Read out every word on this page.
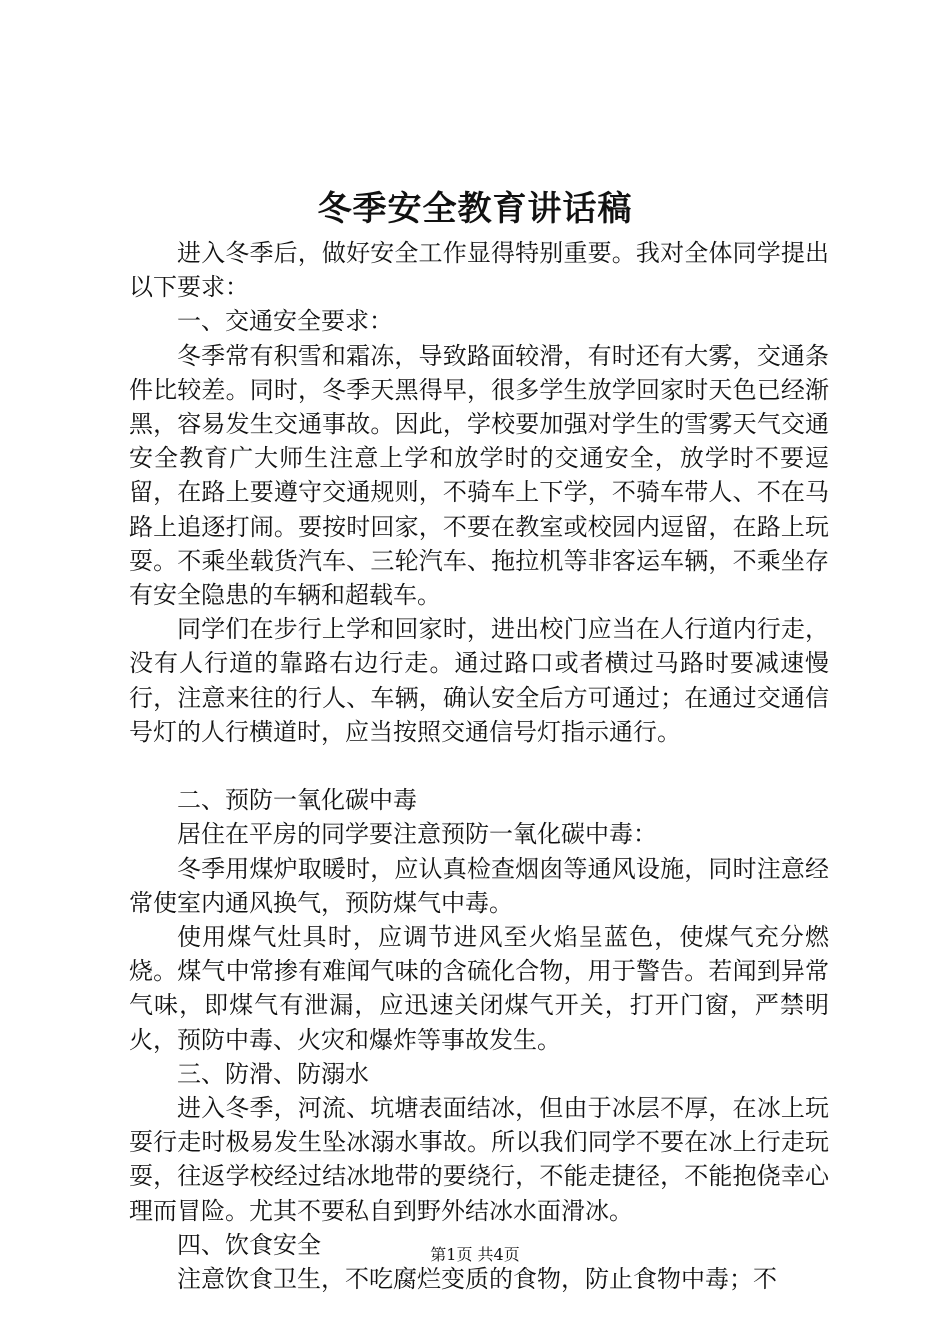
冬季安全教育讲话稿

进入冬季后，做好安全工作显得特别重要。我对全体同学提出以下要求：

一、交通安全要求：

冬季常有积雪和霜冻，导致路面较滑，有时还有大雾，交通条件比较差。同时，冬季天黑得早，很多学生放学回家时天色已经渐黑，容易发生交通事故。因此，学校要加强对学生的雪雾天气交通安全教育广大师生注意上学和放学时的交通安全，放学时不要逗留，在路上要遵守交通规则，不骑车上下学，不骑车带人、不在马路上追逐打闹。要按时回家，不要在教室或校园内逗留，在路上玩耍。不乘坐载货汽车、三轮汽车、拖拉机等非客运车辆，不乘坐存有安全隐患的车辆和超载车。

同学们在步行上学和回家时，进出校门应当在人行道内行走，没有人行道的靠路右边行走。通过路口或者横过马路时要减速慢行，注意来往的行人、车辆，确认安全后方可通过；在通过交通信号灯的人行横道时，应当按照交通信号灯指示通行。

二、预防一氧化碳中毒

居住在平房的同学要注意预防一氧化碳中毒：

冬季用煤炉取暖时，应认真检查烟囱等通风设施，同时注意经常使室内通风换气，预防煤气中毒。

使用煤气灶具时，应调节进风至火焰呈蓝色，使煤气充分燃烧。煤气中常掺有难闻气味的含硫化合物，用于警告。若闻到异常气味，即煤气有泄漏，应迅速关闭煤气开关，打开门窗，严禁明火，预防中毒、火灾和爆炸等事故发生。

三、防滑、防溺水

进入冬季，河流、坑塘表面结冰，但由于冰层不厚，在冰上玩耍行走时极易发生坠冰溺水事故。所以我们同学不要在冰上行走玩耍，往返学校经过结冰地带的要绕行，不能走捷径，不能抱侥幸心理而冒险。尤其不要私自到野外结冰水面滑冰。

四、饮食安全

注意饮食卫生，不吃腐烂变质的食物，防止食物中毒；不

第1页 共4页
